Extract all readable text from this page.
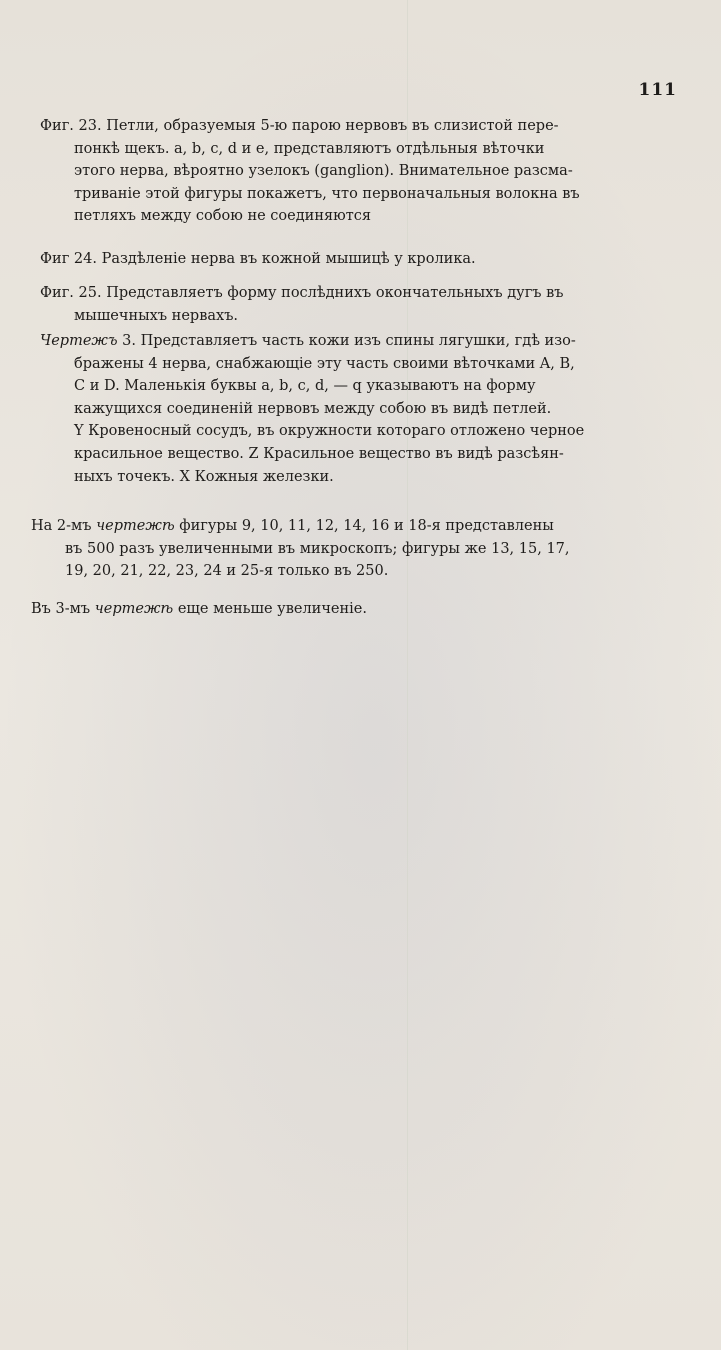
111
Фиг. 23. Петли, образуемыя 5-ю парою нервовъ въ слизистой пере-
понкѣ щекъ. a, b, c, d и e, представляютъ отдѣльныя вѣточки
этого нерва, вѣроятно узелокъ (ganglion). Внимательное разсма-
триваніе этой фигуры покажетъ, что первоначальныя волокна въ
петляхъ между собою не соединяются
Фиг 24. Раздѣленіе нерва въ кожной мышицѣ у кролика.
Фиг. 25. Представляетъ форму послѣднихъ окончательныхъ дугъ въ
мышечныхъ нервахъ.
Чертежъ 3. Представляетъ часть кожи изъ спины лягушки, гдѣ изо-
бражены 4 нерва, снабжающіе эту часть своими вѣточками A, B,
C и D. Маленькія буквы a, b, c, d, — q указываютъ на форму
кажущихся соединеній нервовъ между собою въ видѣ петлей.
Y Кровеносный сосудъ, въ окружности котораго отложено черное
красильное вещество. Z Красильное вещество въ видѣ разсѣян-
ныхъ точекъ. X Кожныя железки.
На 2-мъ чертежѣ фигуры 9, 10, 11, 12, 14, 16 и 18-я представлены
въ 500 разъ увеличенными въ микроскопъ; фигуры же 13, 15, 17,
19, 20, 21, 22, 23, 24 и 25-я только въ 250.
Въ 3-мъ чертежѣ еще меньше увеличеніе.
